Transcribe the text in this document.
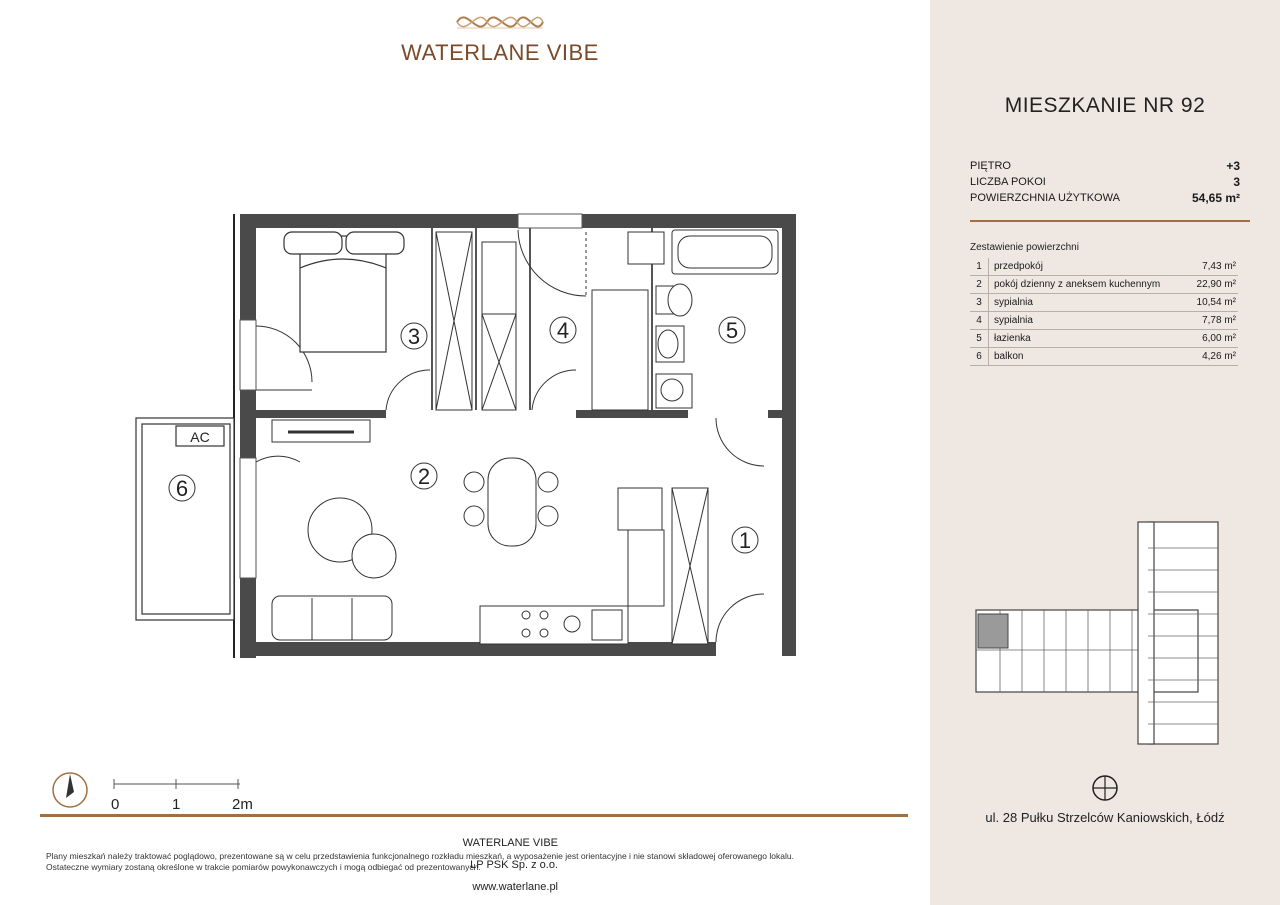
WATERLANE VIBE
AC
1
2
3	4	5
6
0	1	2m
Plany mieszkań należy traktować poglądowo, prezentowane są w celu przedstawienia funkcjonalnego rozkładu mieszkań, a wyposażenie jest orientacyjne i nie stanowi składowej oferowanego lokalu.
Ostateczne wymiary zostaną określone w trakcie pomiarów powykonawczych i mogą odbiegać od prezentowanych.
WATERLANE VIBE
LP PSK Sp. z o.o.
www.waterlane.pl
MIESZKANIE NR 92
PIĘTRO	+3
LICZBA POKOI	3
POWIERZCHNIA UŻYTKOWA	54,65 m²
Zestawienie powierzchni
1	przedpokój	7,43 m²
2	pokój dzienny z aneksem kuchennym	22,90 m²
3	sypialnia	10,54 m²
4	sypialnia	7,78 m²
5	łazienka	6,00 m²
6	balkon	4,26 m²
ul. 28 Pułku Strzelców Kaniowskich, Łódź
